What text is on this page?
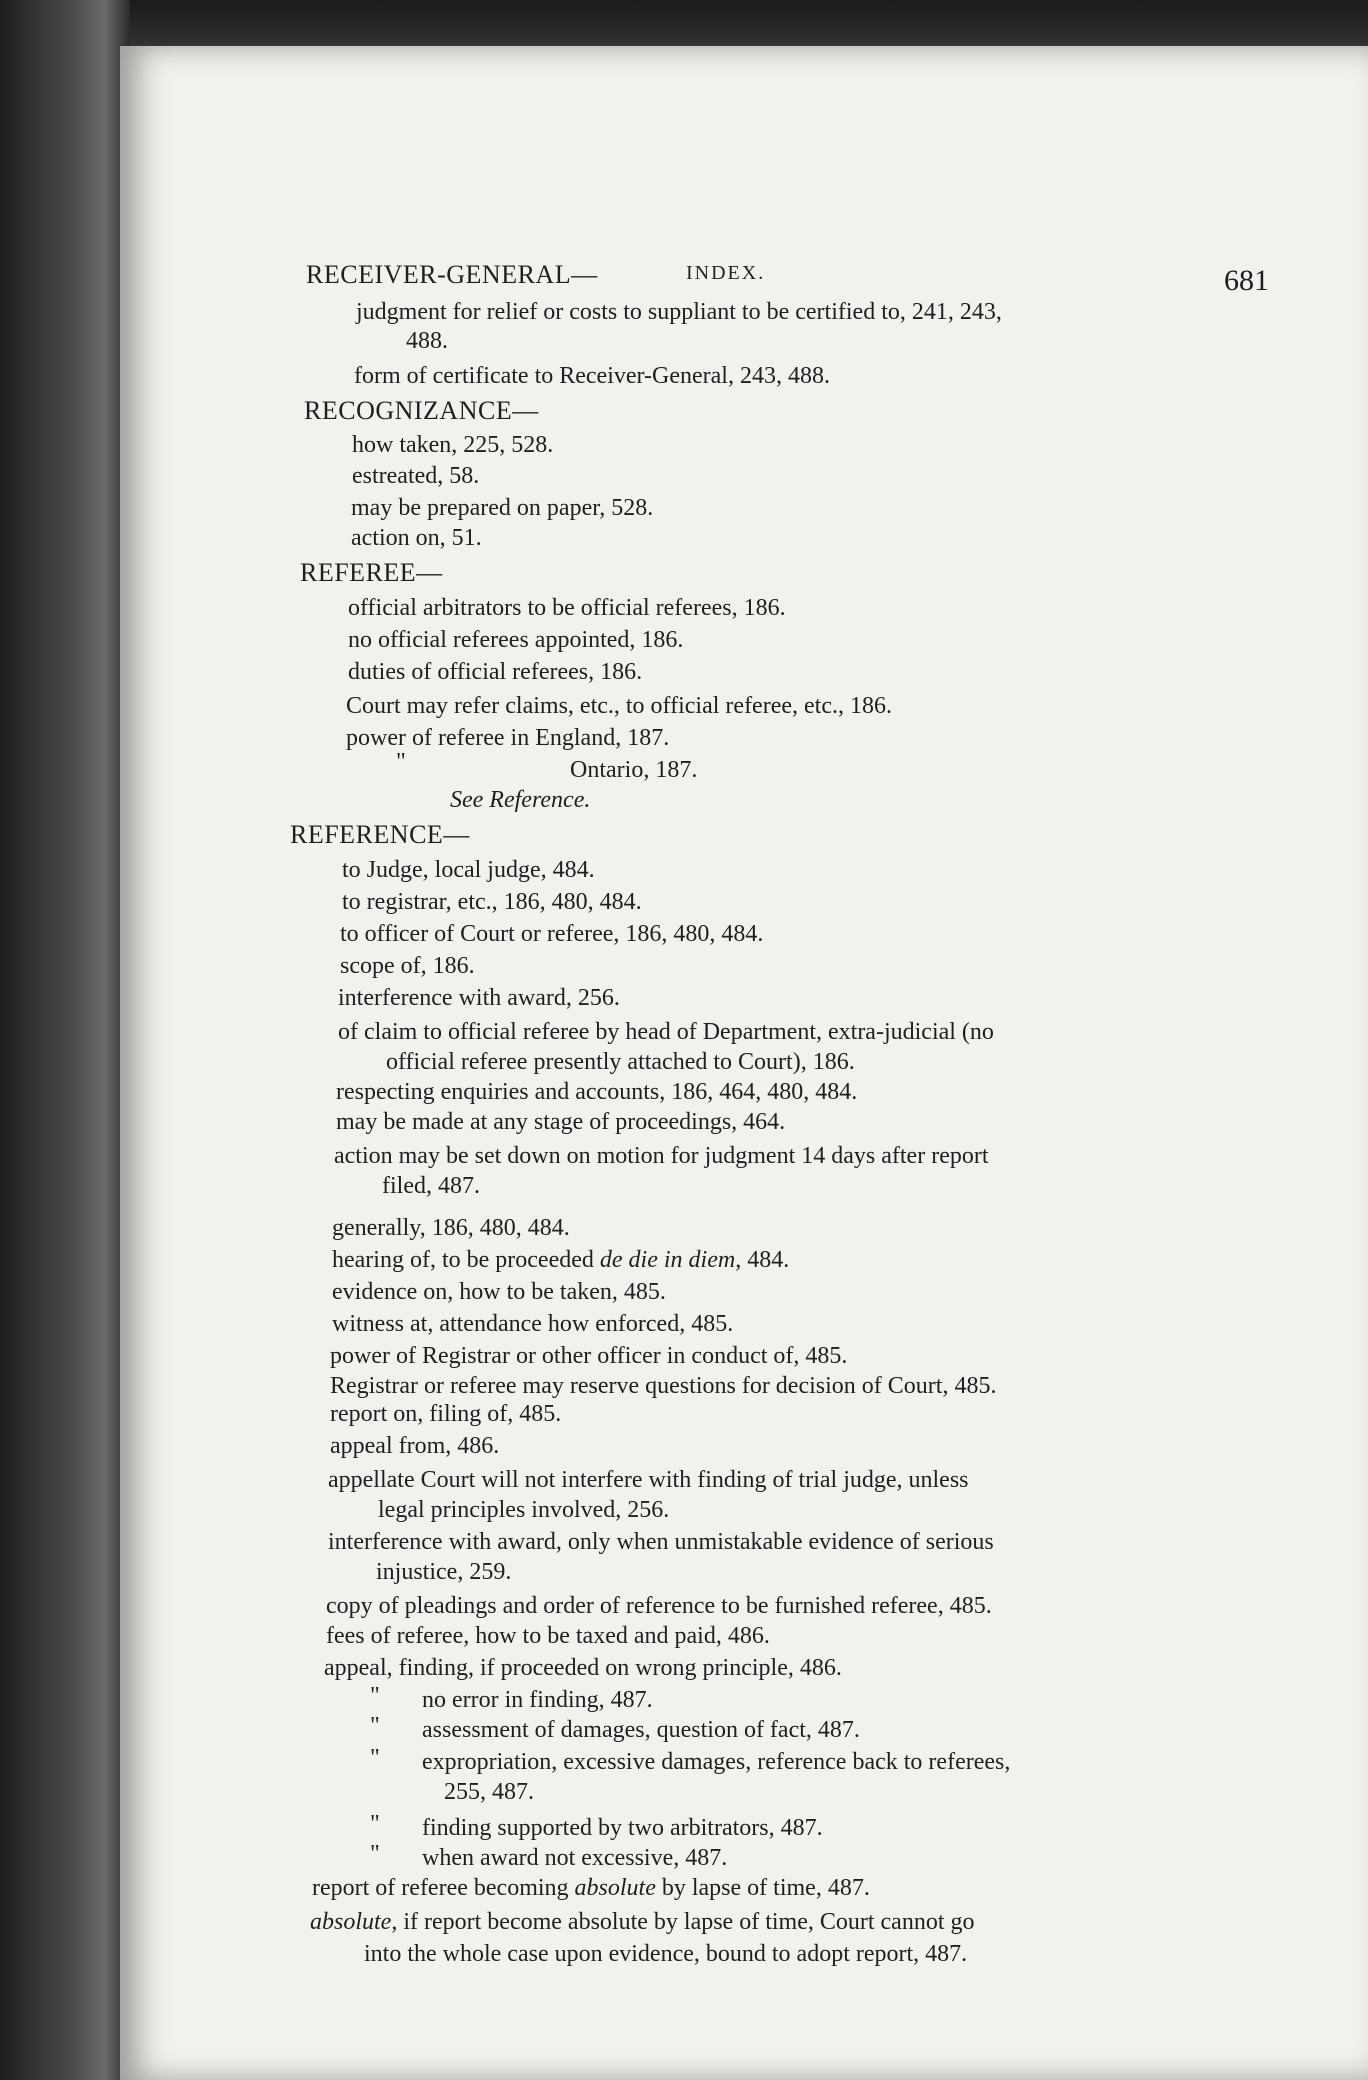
INDEX.	681
RECEIVER-GENERAL—
judgment for relief or costs to suppliant to be certified to, 241, 243,
488.
form of certificate to Receiver-General, 243, 488.
RECOGNIZANCE—
how taken, 225, 528.
estreated, 58.
may be prepared on paper, 528.
action on, 51.
REFEREE—
official arbitrators to be official referees, 186.
no official referees appointed, 186.
duties of official referees, 186.
Court may refer claims, etc., to official referee, etc., 186.
power of referee in England, 187.
"	Ontario, 187.
See Reference.
REFERENCE—
to Judge, local judge, 484.
to registrar, etc., 186, 480, 484.
to officer of Court or referee, 186, 480, 484.
scope of, 186.
interference with award, 256.
of claim to official referee by head of Department, extra-judicial (no
official referee presently attached to Court), 186.
respecting enquiries and accounts, 186, 464, 480, 484.
may be made at any stage of proceedings, 464.
action may be set down on motion for judgment 14 days after report
filed, 487.
generally, 186, 480, 484.
hearing of, to be proceeded de die in diem, 484.
evidence on, how to be taken, 485.
witness at, attendance how enforced, 485.
power of Registrar or other officer in conduct of, 485.
Registrar or referee may reserve questions for decision of Court, 485.
report on, filing of, 485.
appeal from, 486.
appellate Court will not interfere with finding of trial judge, unless
legal principles involved, 256.
interference with award, only when unmistakable evidence of serious
injustice, 259.
copy of pleadings and order of reference to be furnished referee, 485.
fees of referee, how to be taxed and paid, 486.
appeal, finding, if proceeded on wrong principle, 486.
" no error in finding, 487.
" assessment of damages, question of fact, 487.
" expropriation, excessive damages, reference back to referees,
255, 487.
" finding supported by two arbitrators, 487.
" when award not excessive, 487.
report of referee becoming absolute by lapse of time, 487.
absolute, if report become absolute by lapse of time, Court cannot go
into the whole case upon evidence, bound to adopt report, 487.
